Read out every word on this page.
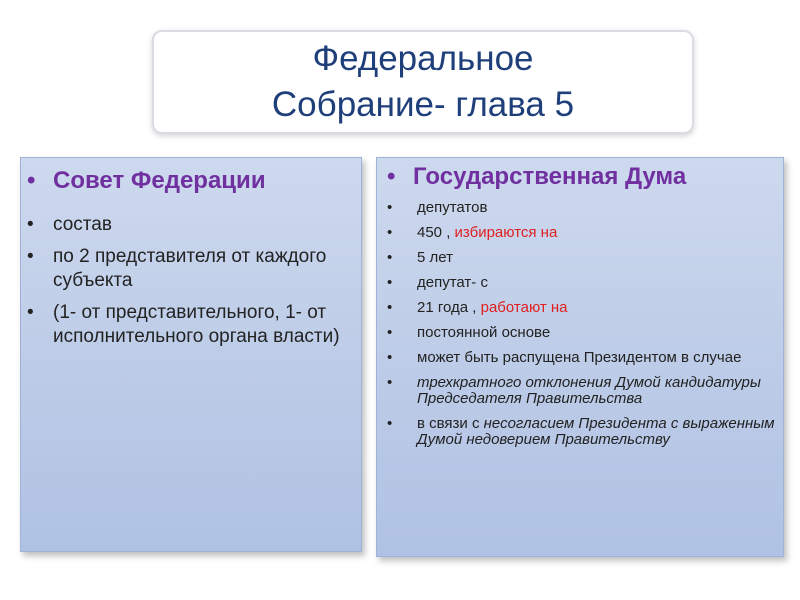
Федеральное
Собрание- глава 5
• Совет Федерации
• состав
• по 2 представителя от каждого субъекта
• (1- от представительного, 1- от исполнительного органа власти)
• Государственная Дума
• депутатов
• 450 , избираются на
• 5 лет
• депутат- с
• 21 года , работают на
• постоянной основе
• может быть распущена Президентом в случае
• трехкратного отклонения Думой кандидатуры Председателя Правительства
• в связи с несогласием Президента с выраженным Думой недоверием Правительству
